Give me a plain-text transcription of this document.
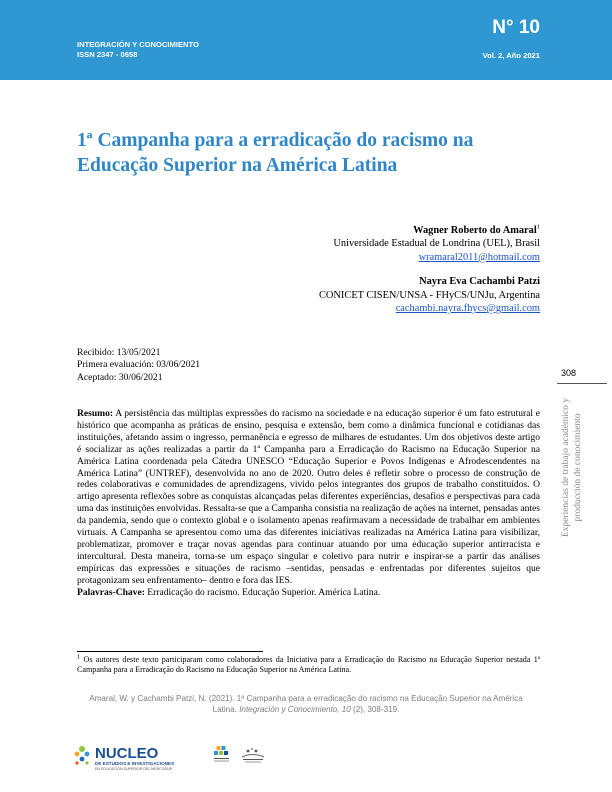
INTEGRACIÓN Y CONOCIMIENTO
ISSN 2347 - 0658
N° 10
Vol. 2, Año 2021
1ª Campanha para a erradicação do racismo na Educação Superior na América Latina
Wagner Roberto do Amaral$^1$
Universidade Estadual de Londrina (UEL), Brasil
wramaral2011@hotmail.com
Nayra Eva Cachambi Patzi
CONICET CISEN/UNSA - FHyCS/UNJu, Argentina
cachambi.nayra.fhycs@gmail.com
Recibido: 13/05/2021
Primera evaluación: 03/06/2021
Aceptado: 30/06/2021	308
Experiencias de trabajo académico y producción de conocimiento
Resumo: A persistência das múltiplas expressões do racismo na sociedade e na educação superior é um fato estrutural e histórico que acompanha as práticas de ensino, pesquisa e extensão, bem como a dinâmica funcional e cotidianas das instituições, afetando assim o ingresso, permanência e egresso de milhares de estudantes. Um dos objetivos deste artigo é socializar as ações realizadas a partir da 1ª Campanha para a Erradicação do Racismo na Educação Superior na América Latina coordenada pela Cátedra UNESCO “Educação Superior e Povos Indígenas e Afrodescendentes na América Latina” (UNTREF), desenvolvida no ano de 2020. Outro deles é refletir sobre o processo de construção de redes colaborativas e comunidades de aprendizagens, vivido pelos integrantes dos grupos de trabalho constituídos. O artigo apresenta reflexões sobre as conquistas alcançadas pelas diferentes experiências, desafios e perspectivas para cada uma das instituições envolvidas. Ressalta-se que a Campanha consistia na realização de ações na internet, pensadas antes da pandemia, sendo que o contexto global e o isolamento apenas reafirmavam a necessidade de trabalhar em ambientes virtuais. A Campanha se apresentou como uma das diferentes iniciativas realizadas na América Latina para visibilizar, problematizar, promover e traçar novas agendas para continuar atuando por uma educação superior antirracista e intercultural. Desta maneira, torna-se um espaço singular e coletivo para nutrir e inspirar-se a partir das análises empíricas das expressões e situações de racismo –sentidas, pensadas e enfrentadas por diferentes sujeitos que protagonizam seu enfrentamento– dentro e fora das IES.
Palavras-Chave: Erradicação do racismo. Educação Superior. América Latina.
$^1$ Os autores deste texto participaram como colaboradores da Iniciativa para a Erradicação do Racismo na Educação Superior nestada 1ª Campanha para a Erradicação do Racismo na Educação Superior na América Latina.
Amaral, W. y Cachambi Patzi, N. (2021). 1ª Campanha para a erradicação do racismo na Educação Superior na América Latina. Integración y Conocimiento, 10 (2), 308-319.
NUCLEO
DE ESTUDIOS E INVESTIGACIONES
EN EDUCACIÓN SUPERIOR DEL MERCOSUR
